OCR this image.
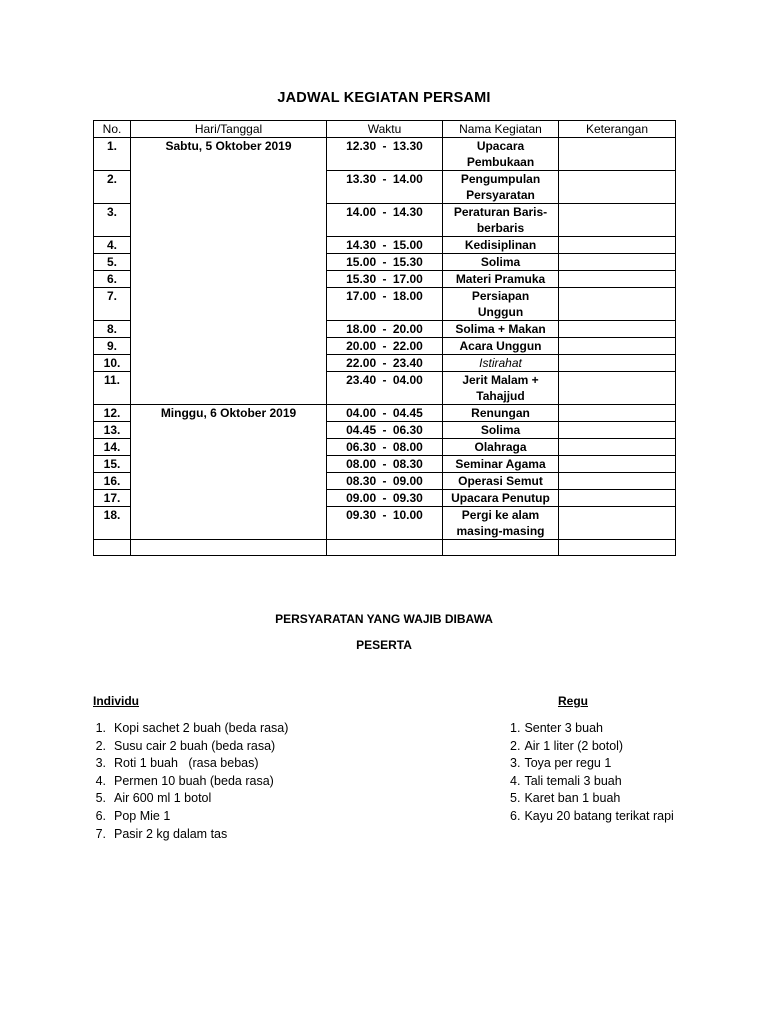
JADWAL KEGIATAN PERSAMI
No.	Hari/Tanggal	Waktu	Nama Kegiatan	Keterangan
1.	Sabtu, 5 Oktober 2019	12.30 - 13.30	Upacara
Pembukaan	

2.		13.30 - 14.00	Pengumpulan
Persyaratan	

3.		14.00 - 14.30	Peraturan Baris-
berbaris	

4.		14.30 - 15.00	Kedisiplinan	

5.		15.00 - 15.30	Solima	

6.		15.30 - 17.00	Materi Pramuka	

7.		17.00 - 18.00	Persiapan
Unggun	

8.		18.00 - 20.00	Solima + Makan	

9.		20.00 - 22.00	Acara Unggun	

10.		22.00 - 23.40	Istirahat	

11.		23.40 - 04.00	Jerit Malam +
Tahajjud	

12.	Minggu, 6 Oktober 2019	04.00 - 04.45	Renungan	

13.		04.45 - 06.30	Solima	

14.		06.30 - 08.00	Olahraga	

15.		08.00 - 08.30	Seminar Agama	

16.		08.30 - 09.00	Operasi Semut	

17.		09.00 - 09.30	Upacara Penutup	

18.		09.30 - 10.00	Pergi ke alam
masing-masing	

PERSYARATAN YANG WAJIB DIBAWA
PESERTA
Individu
1. Kopi sachet 2 buah (beda rasa)
2. Susu cair 2 buah (beda rasa)
3. Roti 1 buah   (rasa bebas)
4. Permen 10 buah (beda rasa)
5. Air 600 ml 1 botol
6. Pop Mie 1
7. Pasir 2 kg dalam tas
Regu
1. Senter 3 buah
2. Air 1 liter (2 botol)
3. Toya per regu 1
4. Tali temali 3 buah
5. Karet ban 1 buah
6. Kayu 20 batang terikat rapi
